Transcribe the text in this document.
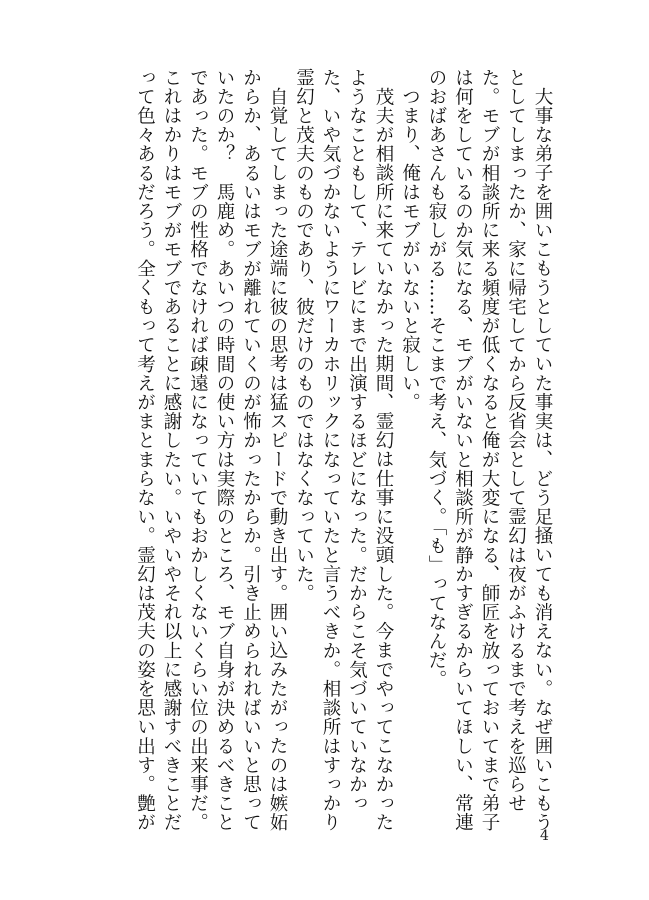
大事な弟子を囲いこもうとしていた事実は、どう足掻いても消えない。なぜ囲いこもうとしてしまったか、家に帰宅してから反省会として霊幻は夜がふけるまで考えを巡らせた。モブが相談所に来る頻度が低くなると俺が大変になる、師匠を放っておいてまで弟子は何をしているのか気になる、モブがいないと相談所が静かすぎるからいてほしい、常連のおばあさんも寂しがる……そこまで考え、気づく。「も」ってなんだ。

つまり、俺はモブがいないと寂しい。

茂夫が相談所に来ていなかった期間、霊幻は仕事に没頭した。今までやってこなかったようなこともして、テレビにまで出演するほどになった。だからこそ気づいていなかった、いや気づかないようにワーカホリックになっていたと言うべきか。相談所はすっかり霊幻と茂夫のものであり、彼だけのものではなくなっていた。

自覚してしまった途端に彼の思考は猛スピードで動き出す。囲い込みたがったのは嫉妬からか、あるいはモブが離れていくのが怖かったからか。引き止められればいいと思っていたのか？　馬鹿め。あいつの時間の使い方は実際のところ、モブ自身が決めるべきことであった。モブの性格でなければ疎遠になっていてもおかしくないくらい位の出来事だ。これはかりはモブがモブであることに感謝したい。いやいやそれ以上に感謝すべきことだって色々あるだろう。全くもって考えがまとまらない。霊幻は茂夫の姿を思い出す。艶が

4
